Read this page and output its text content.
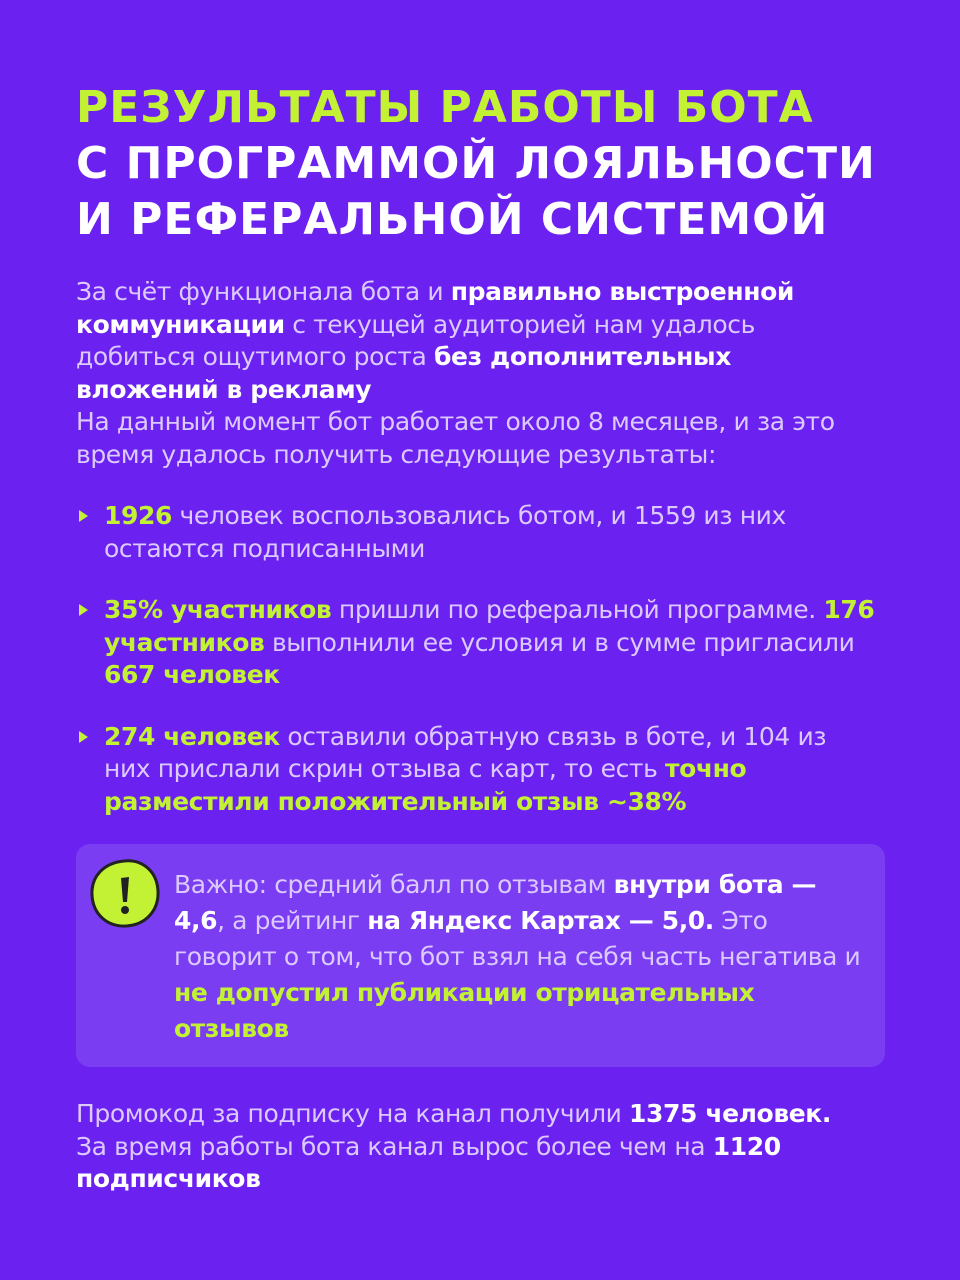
РЕЗУЛЬТАТЫ РАБОТЫ БОТА
С ПРОГРАММОЙ ЛОЯЛЬНОСТИ
И РЕФЕРАЛЬНОЙ СИСТЕМОЙ

За счёт функционала бота и правильно выстроенной коммуникации с текущей аудиторией нам удалось добиться ощутимого роста без дополнительных вложений в рекламу

На данный момент бот работает около 8 месяцев, и за это время удалось получить следующие результаты:

1926 человек воспользовались ботом, и 1559 из них остаются подписанными
35% участников пришли по реферальной программе. 176 участников выполнили ее условия и в сумме пригласили 667 человек
274 человек оставили обратную связь в боте, и 104 из них прислали скрин отзыва с карт, то есть точно разместили положительный отзыв ~38%

Важно: средний балл по отзывам внутри бота — 4,6, а рейтинг на Яндекс Картах — 5,0. Это говорит о том, что бот взял на себя часть негатива и не допустил публикации отрицательных отзывов

Промокод за подписку на канал получили 1375 человек.
За время работы бота канал вырос более чем на 1120 подписчиков
